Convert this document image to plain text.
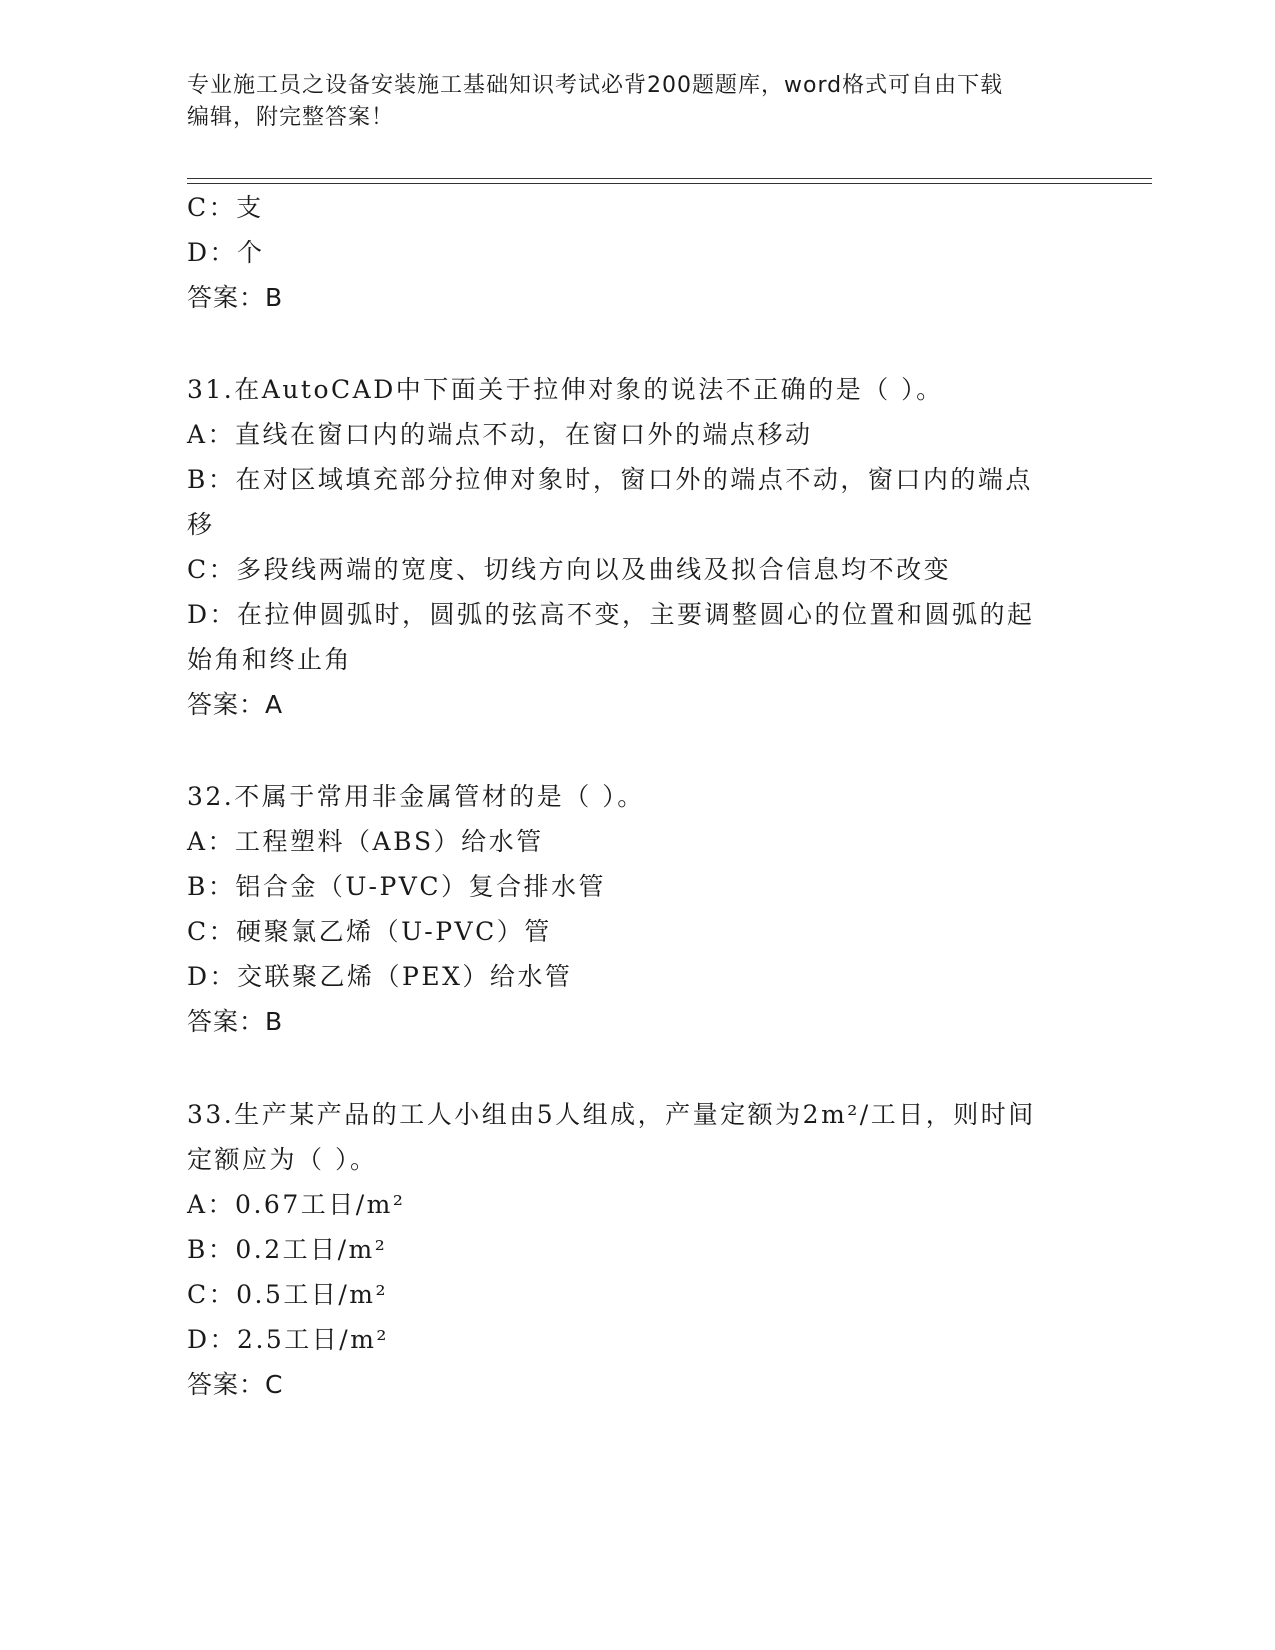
专业施工员之设备安装施工基础知识考试必背200题题库，word格式可自由下载
编辑，附完整答案！
C：支
D：个
答案：B
31.在AutoCAD中下面关于拉伸对象的说法不正确的是（ ）。
A：直线在窗口内的端点不动，在窗口外的端点移动
B：在对区域填充部分拉伸对象时，窗口外的端点不动，窗口内的端点
移
C：多段线两端的宽度、切线方向以及曲线及拟合信息均不改变
D：在拉伸圆弧时，圆弧的弦高不变，主要调整圆心的位置和圆弧的起
始角和终止角
答案：A
32.不属于常用非金属管材的是（ ）。
A：工程塑料（ABS）给水管
B：铝合金（U-PVC）复合排水管
C：硬聚氯乙烯（U-PVC）管
D：交联聚乙烯（PEX）给水管
答案：B
33.生产某产品的工人小组由5人组成，产量定额为2m²/工日，则时间
定额应为（ ）。
A：0.67工日/m²
B：0.2工日/m²
C：0.5工日/m²
D：2.5工日/m²
答案：C
